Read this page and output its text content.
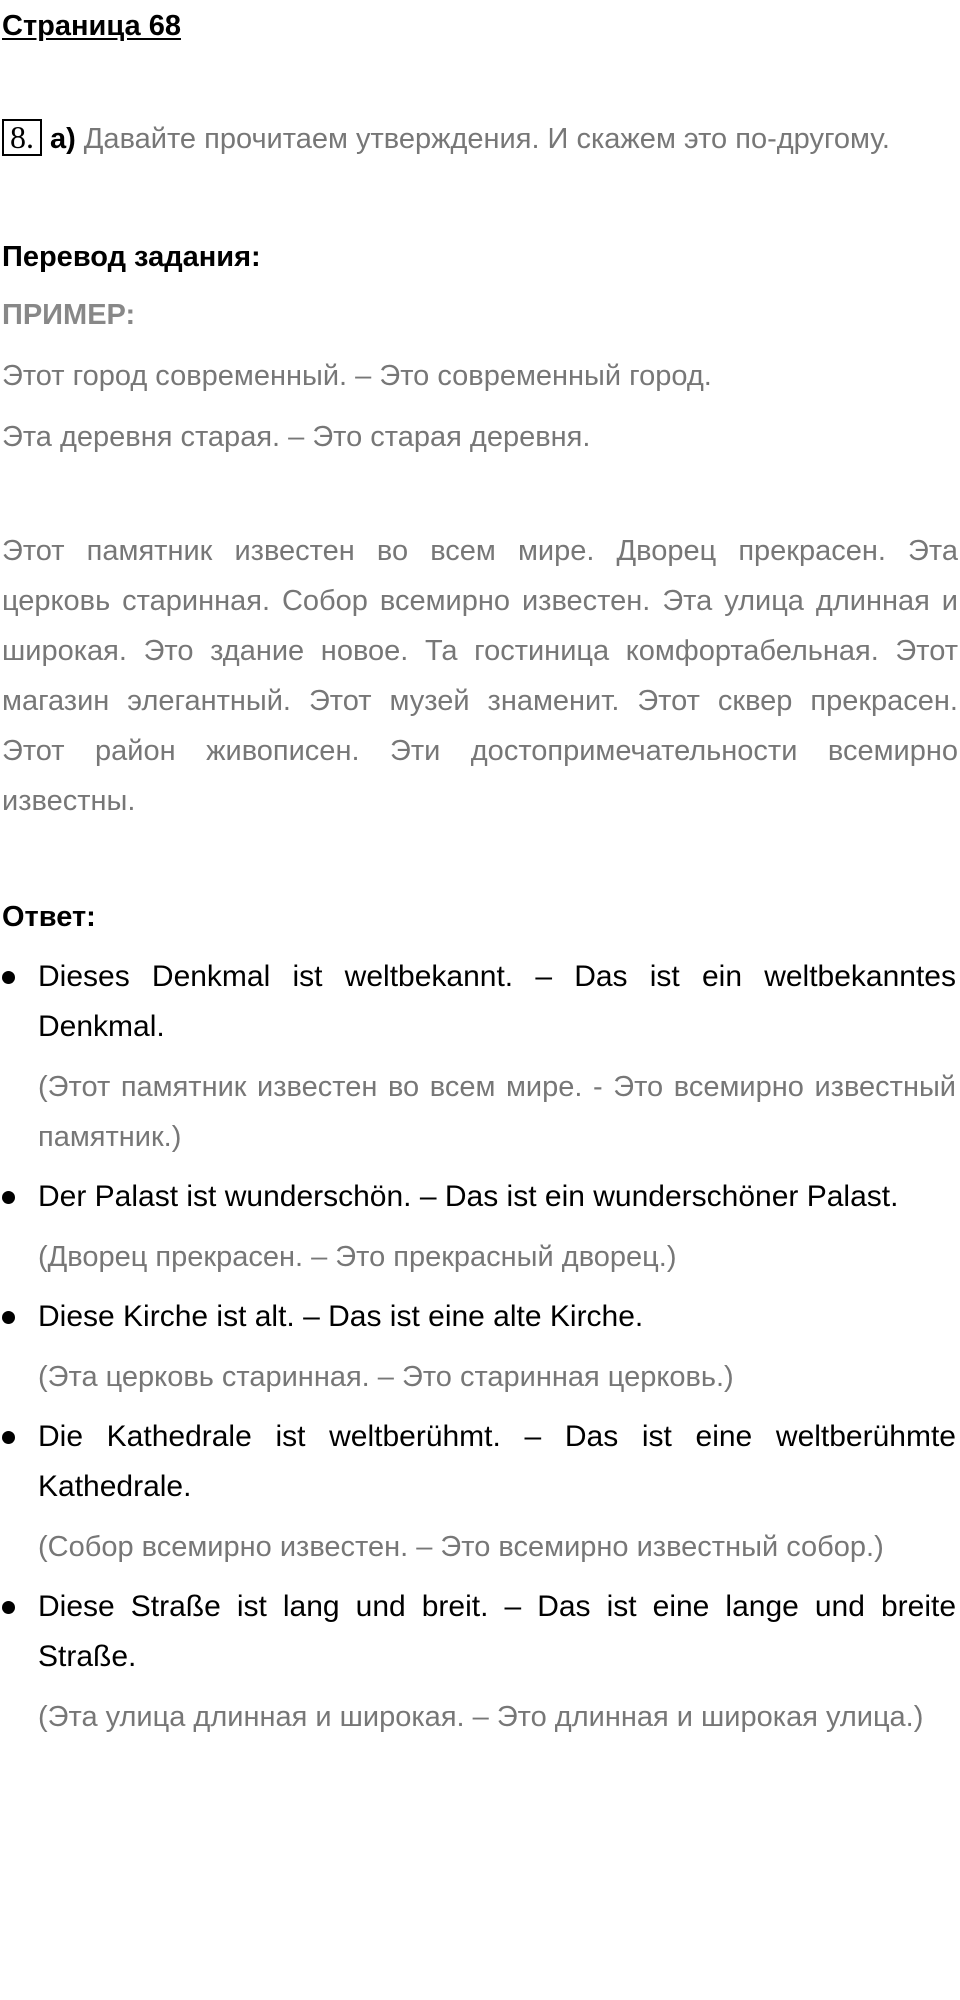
Страница 68
8. а) Давайте прочитаем утверждения. И скажем это по-другому.
Перевод задания:
ПРИМЕР:
Этот город современный. – Это современный город.
Эта деревня старая. – Это старая деревня.
Этот памятник известен во всем мире. Дворец прекрасен. Эта церковь старинная. Собор всемирно известен. Эта улица длинная и широкая. Это здание новое. Та гостиница комфортабельная. Этот магазин элегантный. Этот музей знаменит. Этот сквер прекрасен. Этот район живописен. Эти достопримечательности всемирно известны.
Ответ:
Dieses Denkmal ist weltbekannt. – Das ist ein weltbekanntes Denkmal.
(Этот памятник известен во всем мире. - Это всемирно известный памятник.)
Der Palast ist wunderschön. – Das ist ein wunderschöner Palast.
(Дворец прекрасен. – Это прекрасный дворец.)
Diese Kirche ist alt. – Das ist eine alte Kirche.
(Эта церковь старинная. – Это старинная церковь.)
Die Kathedrale ist weltberühmt. – Das ist eine weltberühmte Kathedrale.
(Собор всемирно известен. – Это всемирно известный собор.)
Diese Straße ist lang und breit. – Das ist eine lange und breite Straße.
(Эта улица длинная и широкая. – Это длинная и широкая улица.)
